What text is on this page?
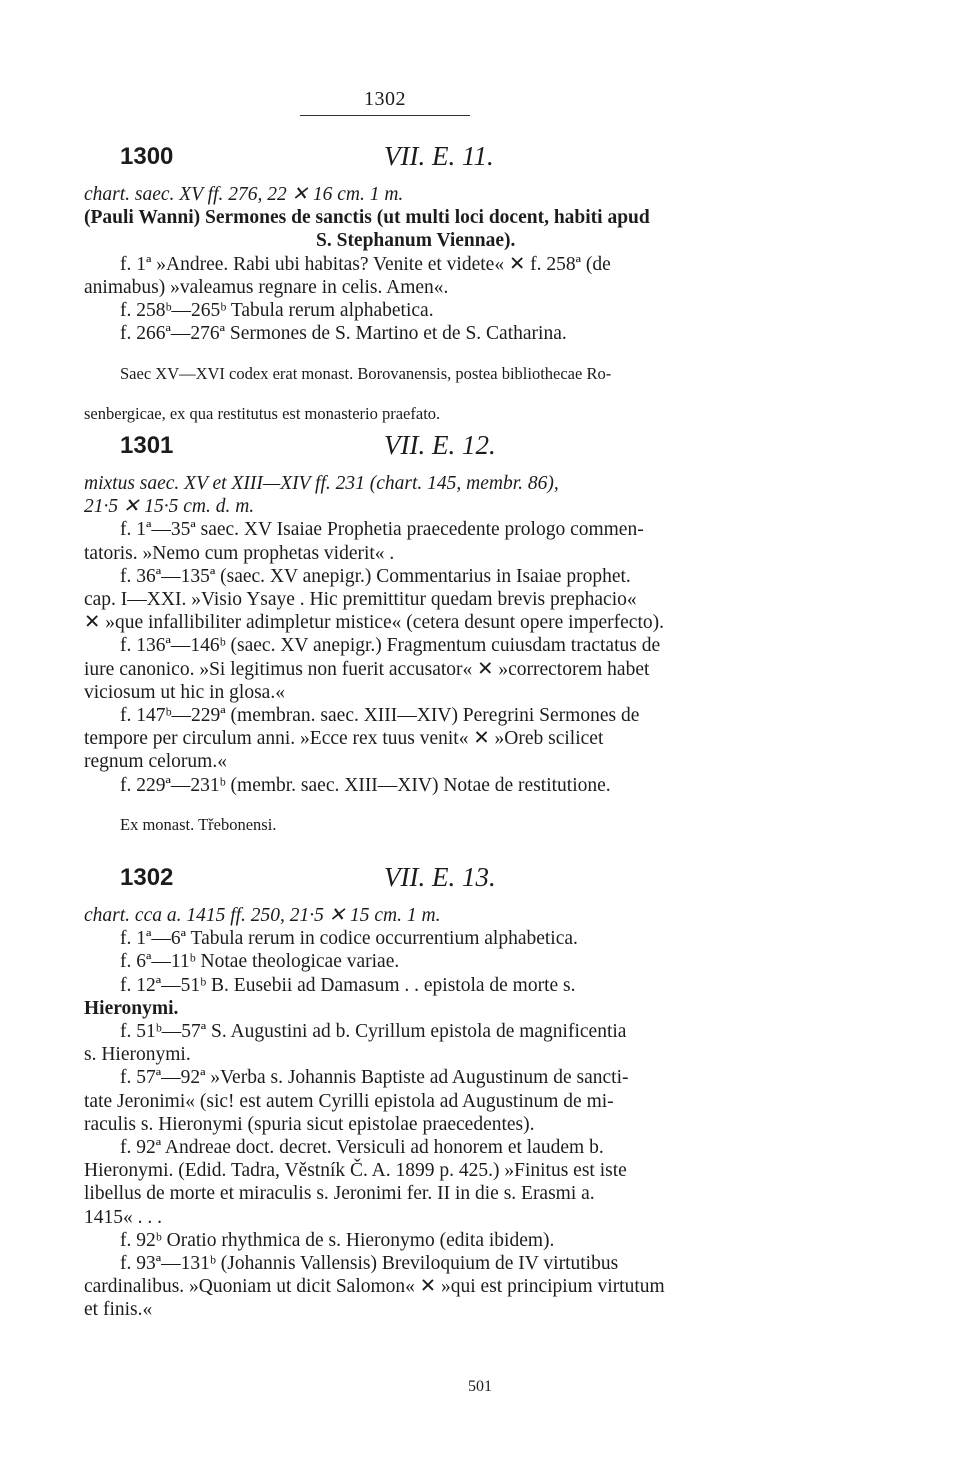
1302
1300	VII. E. 11.

chart. saec. XV ff. 276, 22 ✕ 16 cm. 1 m.

(Pauli Wanni) Sermones de sanctis (ut multi loci docent, habiti apud

S. Stephanum Viennae).

f. 1ª »Andree. Rabi ubi habitas? Venite et videte« ✕ f. 258ª (de

animabus) »valeamus regnare in celis. Amen«.

f. 258ᵇ—265ᵇ Tabula rerum alphabetica.

f. 266ª—276ª Sermones de S. Martino et de S. Catharina.

Saec XV—XVI codex erat monast. Borovanensis, postea bibliothecae Ro-

senbergicae, ex qua restitutus est monasterio praefato.

1301	VII. E. 12.

mixtus saec. XV et XIII—XIV ff. 231 (chart. 145, membr. 86),

21·5 ✕ 15·5 cm. d. m.

f. 1ª—35ª saec. XV Isaiae Prophetia praecedente prologo commen-

tatoris. »Nemo cum prophetas viderit« .

f. 36ª—135ª (saec. XV anepigr.) Commentarius in Isaiae prophet.

cap. I—XXI. »Visio Ysaye . Hic premittitur quedam brevis prephacio«

✕ »que infallibiliter adimpletur mistice« (cetera desunt opere imperfecto).

f. 136ª—146ᵇ (saec. XV anepigr.) Fragmentum cuiusdam tractatus de

iure canonico. »Si legitimus non fuerit accusator« ✕ »correctorem habet

viciosum ut hic in glosa.«

f. 147ᵇ—229ª (membran. saec. XIII—XIV) Peregrini Sermones de

tempore per circulum anni. »Ecce rex tuus venit« ✕ »Oreb scilicet

regnum celorum.«

f. 229ª—231ᵇ (membr. saec. XIII—XIV) Notae de restitutione.

Ex monast. Třebonensi.

1302	VII. E. 13.

chart. cca a. 1415 ff. 250, 21·5 ✕ 15 cm. 1 m.

f. 1ª—6ª Tabula rerum in codice occurrentium alphabetica.

f. 6ª—11ᵇ Notae theologicae variae.

f. 12ª—51ᵇ B. Eusebii ad Damasum . . epistola de morte s.

Hieronymi.

f. 51ᵇ—57ª S. Augustini ad b. Cyrillum epistola de magnificentia

s. Hieronymi.

f. 57ª—92ª »Verba s. Johannis Baptiste ad Augustinum de sancti-

tate Jeronimi« (sic! est autem Cyrilli epistola ad Augustinum de mi-

raculis s. Hieronymi (spuria sicut epistolae praecedentes).

f. 92ª Andreae doct. decret. Versiculi ad honorem et laudem b.

Hieronymi. (Edid. Tadra, Věstník Č. A. 1899 p. 425.) »Finitus est iste

libellus de morte et miraculis s. Jeronimi fer. II in die s. Erasmi a.

1415« . . .

f. 92ᵇ Oratio rhythmica de s. Hieronymo (edita ibidem).

f. 93ª—131ᵇ (Johannis Vallensis) Breviloquium de IV virtutibus

cardinalibus. »Quoniam ut dicit Salomon« ✕ »qui est principium virtutum

et finis.«

501
